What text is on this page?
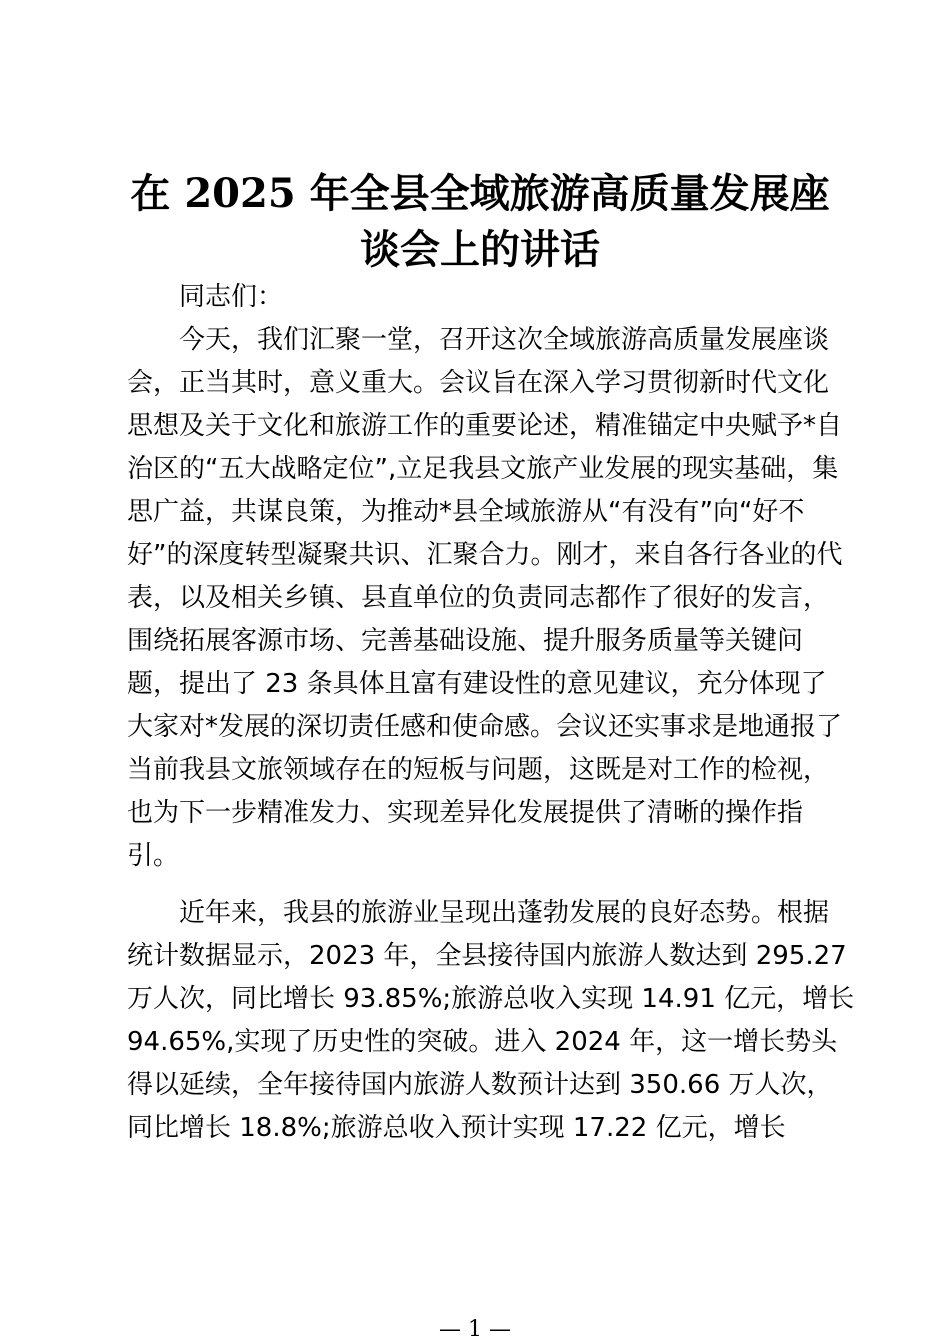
在 2025 年全县全域旅游高质量发展座
谈会上的讲话
同志们：
今天，我们汇聚一堂，召开这次全域旅游高质量发展座谈
会，正当其时，意义重大。会议旨在深入学习贯彻新时代文化
思想及关于文化和旅游工作的重要论述，精准锚定中央赋予*自
治区的“五大战略定位”,立足我县文旅产业发展的现实基础，集
思广益，共谋良策，为推动*县全域旅游从“有没有”向“好不
好”的深度转型凝聚共识、汇聚合力。刚才，来自各行各业的代
表，以及相关乡镇、县直单位的负责同志都作了很好的发言，
围绕拓展客源市场、完善基础设施、提升服务质量等关键问
题，提出了 23 条具体且富有建设性的意见建议，充分体现了
大家对*发展的深切责任感和使命感。会议还实事求是地通报了
当前我县文旅领域存在的短板与问题，这既是对工作的检视，
也为下一步精准发力、实现差异化发展提供了清晰的操作指
引。
近年来，我县的旅游业呈现出蓬勃发展的良好态势。根据
统计数据显示，2023 年，全县接待国内旅游人数达到 295.27
万人次，同比增长 93.85%;旅游总收入实现 14.91 亿元，增长
94.65%,实现了历史性的突破。进入 2024 年，这一增长势头
得以延续，全年接待国内旅游人数预计达到 350.66 万人次，
同比增长 18.8%;旅游总收入预计实现 17.22 亿元，增长
— 1 —
